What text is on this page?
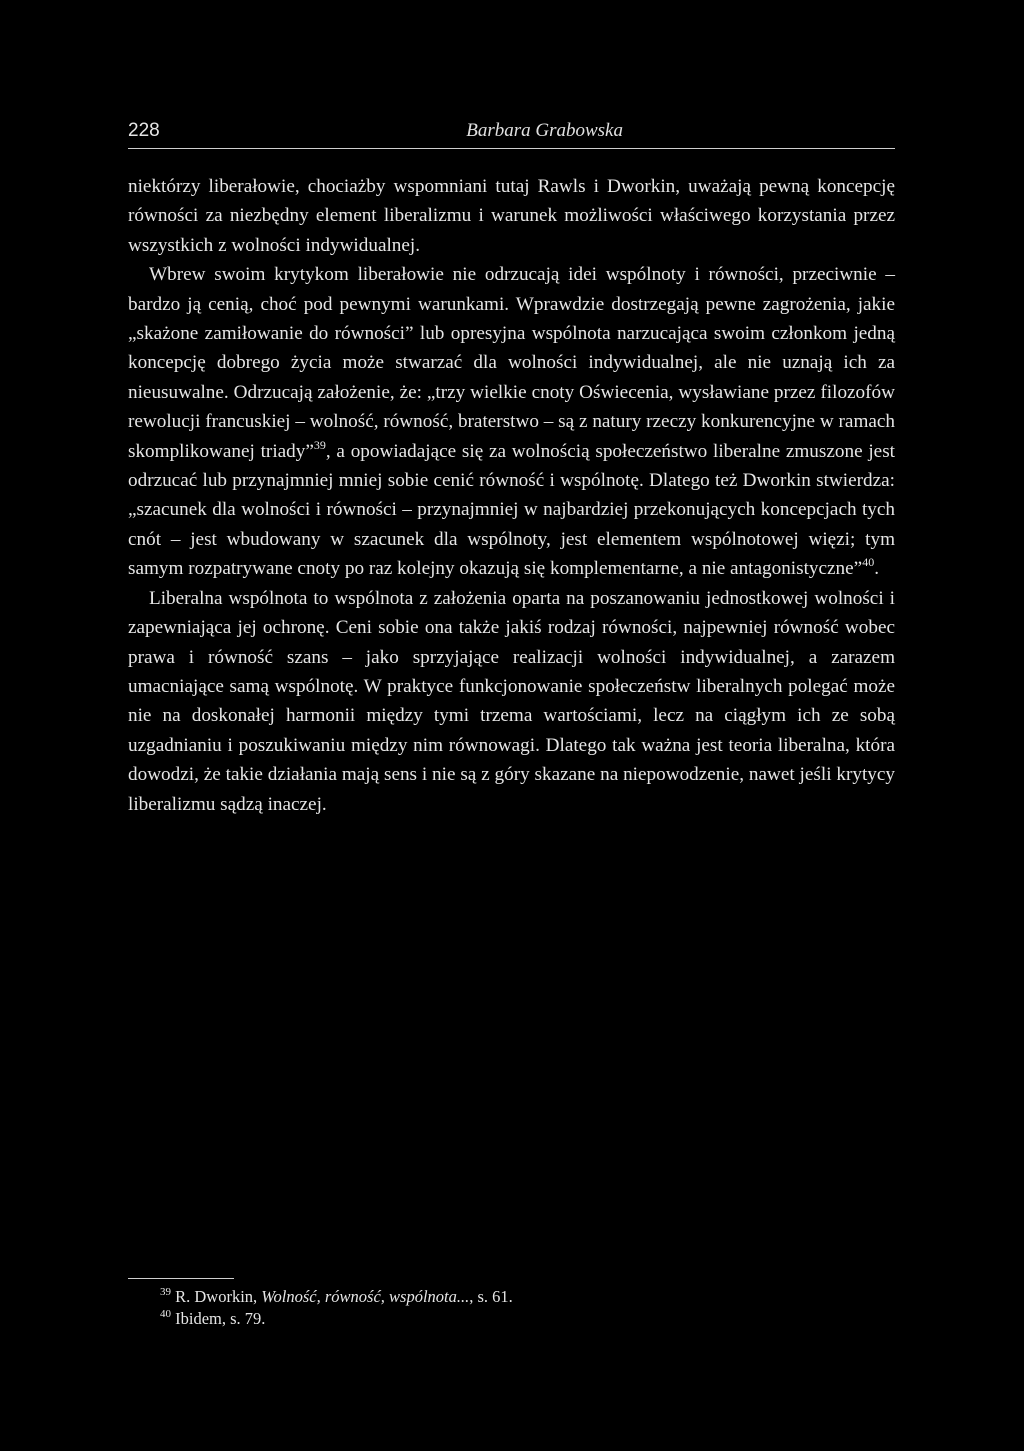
228	Barbara Grabowska

niektórzy liberałowie, chociażby wspomniani tutaj Rawls i Dworkin, uważają pewną koncepcję równości za niezbędny element liberalizmu i warunek możliwości właściwego korzystania przez wszystkich z wolności indywidualnej.

Wbrew swoim krytykom liberałowie nie odrzucają idei wspólnoty i równości, przeciwnie – bardzo ją cenią, choć pod pewnymi warunkami. Wprawdzie dostrzegają pewne zagrożenia, jakie „skażone zamiłowanie do równości” lub opresyjna wspólnota narzucająca swoim członkom jedną koncepcję dobrego życia może stwarzać dla wolności indywidualnej, ale nie uznają ich za nieusuwalne. Odrzucają założenie, że: „trzy wielkie cnoty Oświecenia, wysławiane przez filozofów rewolucji francuskiej – wolność, równość, braterstwo – są z natury rzeczy konkurencyjne w ramach skomplikowanej triady”$^{39}$, a opowiadające się za wolnością społeczeństwo liberalne zmuszone jest odrzucać lub przynajmniej mniej sobie cenić równość i wspólnotę. Dlatego też Dworkin stwierdza: „szacunek dla wolności i równości – przynajmniej w najbardziej przekonujących koncepcjach tych cnót – jest wbudowany w szacunek dla wspólnoty, jest elementem wspólnotowej więzi; tym samym rozpatrywane cnoty po raz kolejny okazują się komplementarne, a nie antagonistyczne”$^{40}$.

Liberalna wspólnota to wspólnota z założenia oparta na poszanowaniu jednostkowej wolności i zapewniająca jej ochronę. Ceni sobie ona także jakiś rodzaj równości, najpewniej równość wobec prawa i równość szans – jako sprzyjające realizacji wolności indywidualnej, a zarazem umacniające samą wspólnotę. W praktyce funkcjonowanie społeczeństw liberalnych polegać może nie na doskonałej harmonii między tymi trzema wartościami, lecz na ciągłym ich ze sobą uzgadnianiu i poszukiwaniu między nim równowagi. Dlatego tak ważna jest teoria liberalna, która dowodzi, że takie działania mają sens i nie są z góry skazane na niepowodzenie, nawet jeśli krytycy liberalizmu sądzą inaczej.

$^{39}$ R. Dworkin, Wolność, równość, wspólnota..., s. 61.
$^{40}$ Ibidem, s. 79.
